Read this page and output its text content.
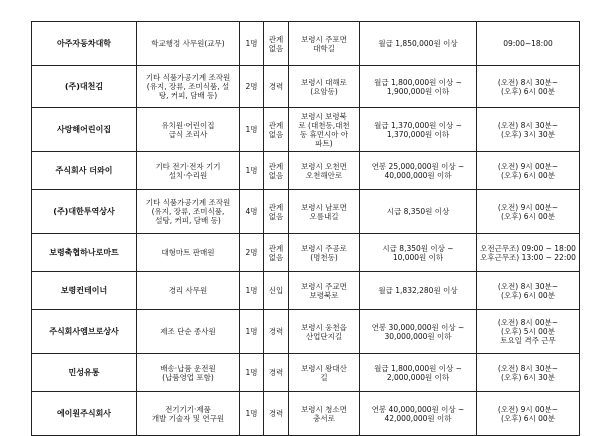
아주자동차대학	학교행정 사무원(교무)	1명	관계
없음	보령시 주포면
대학길	월급 1,850,000원 이상	09:00~18:00

(주)대천김	기타 식품가공기계 조작원
(유지, 장류, 조미식품, 설
탕, 커피, 담배 등)	2명	경력	보령시 대해로
(요암동)	월급 1,800,000원 이상 ~
1,900,000원 이하	(오전) 8시 30분~
(오후) 6시 00분

사랑해어린이집	유치원·어린이집
급식 조리사	1명	관계
없음	보령시 보령북
로 (대천동,대천
동 휴먼시아 아
파트)	월급 1,370,000원 이상 ~
1,370,000원 이하	(오전) 8시 30분~
(오후) 3시 30분

주식회사 더와이	기타 전기·전자 기기
설치·수리원	1명	관계
없음	보령시 오천면
오천해안로	연봉 25,000,000원 이상 ~
40,000,000원 이하	(오전) 9시 00분~
(오후) 6시 00분

(주)대한투역상사	기타 식품가공기계 조작원
(유지, 장류, 조미식품,
설탕, 커피, 담배 등)	4명	관계
없음	보령시 남포면
오름내길	시급 8,350원 이상	(오전) 9시 00분~
(오후) 6시 00분

보령축협하나로마트	대형마트 판매원	2명	관계
없음	보령시 주공로
(명천동)	시급 8,350원 이상 ~
10,000원 이하	오전근무조) 09:00 ~ 18:00
오후근무조) 13:00 ~ 22:00

보령컨테이너	경리 사무원	1명	신입	보령시 주교면
보령북로	월급 1,832,280원 이상	(오전) 8시 30분~
(오후) 6시 00분

주식회사엠브로상사	제조 단순 종사원	1명	경력	보령시 웅천읍
산업단지길	연봉 30,000,000원 이상 ~
30,000,000원 이하	(오전) 8시 00분~
(오후) 5시 00분
토요일 격주 근무

민성유통	배송·납품 운전원
(납품영업 포함)	1명	경력	보령시 왕대산
길	월급 1,800,000원 이상 ~
2,000,000원 이하	(오전) 8시 30분~
(오후) 6시 30분

에이원주식회사	전기기기·제품
개발 기술자 및 연구원	1명	경력	보령시 청소면
충서로	연봉 40,000,000원 이상 ~
42,000,000원 이하	(오전) 9시 00분~
(오후) 6시 00분
